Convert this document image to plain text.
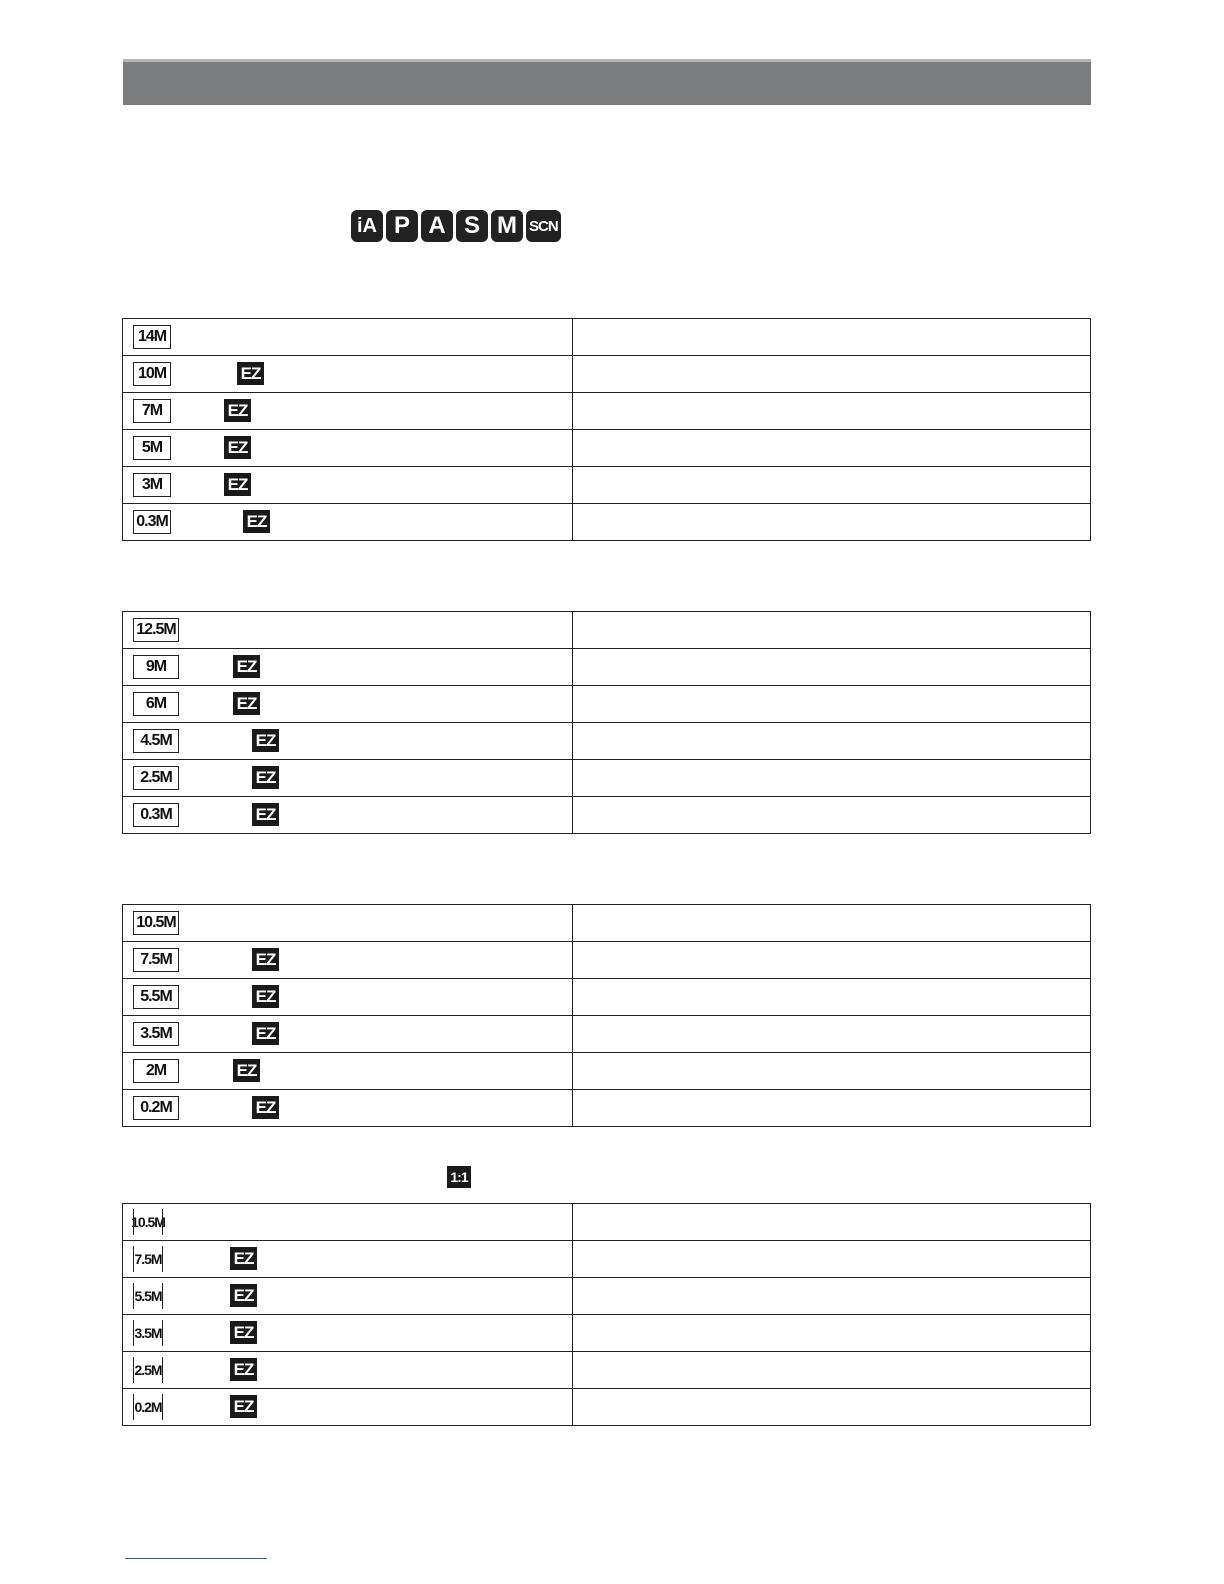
iA P A S M SCN
14M	

10M EZ	

7M EZ	

5M EZ	

3M EZ	

0.3M EZ	

12.5M	

9M EZ	

6M EZ	

4.5M EZ	

2.5M EZ	

0.3M EZ	

10.5M	

7.5M EZ	

5.5M EZ	

3.5M EZ	

2M EZ	

0.2M EZ	

1:1
10.5M	

7.5M EZ	

5.5M EZ	

3.5M EZ	

2.5M EZ	

0.2M EZ	
